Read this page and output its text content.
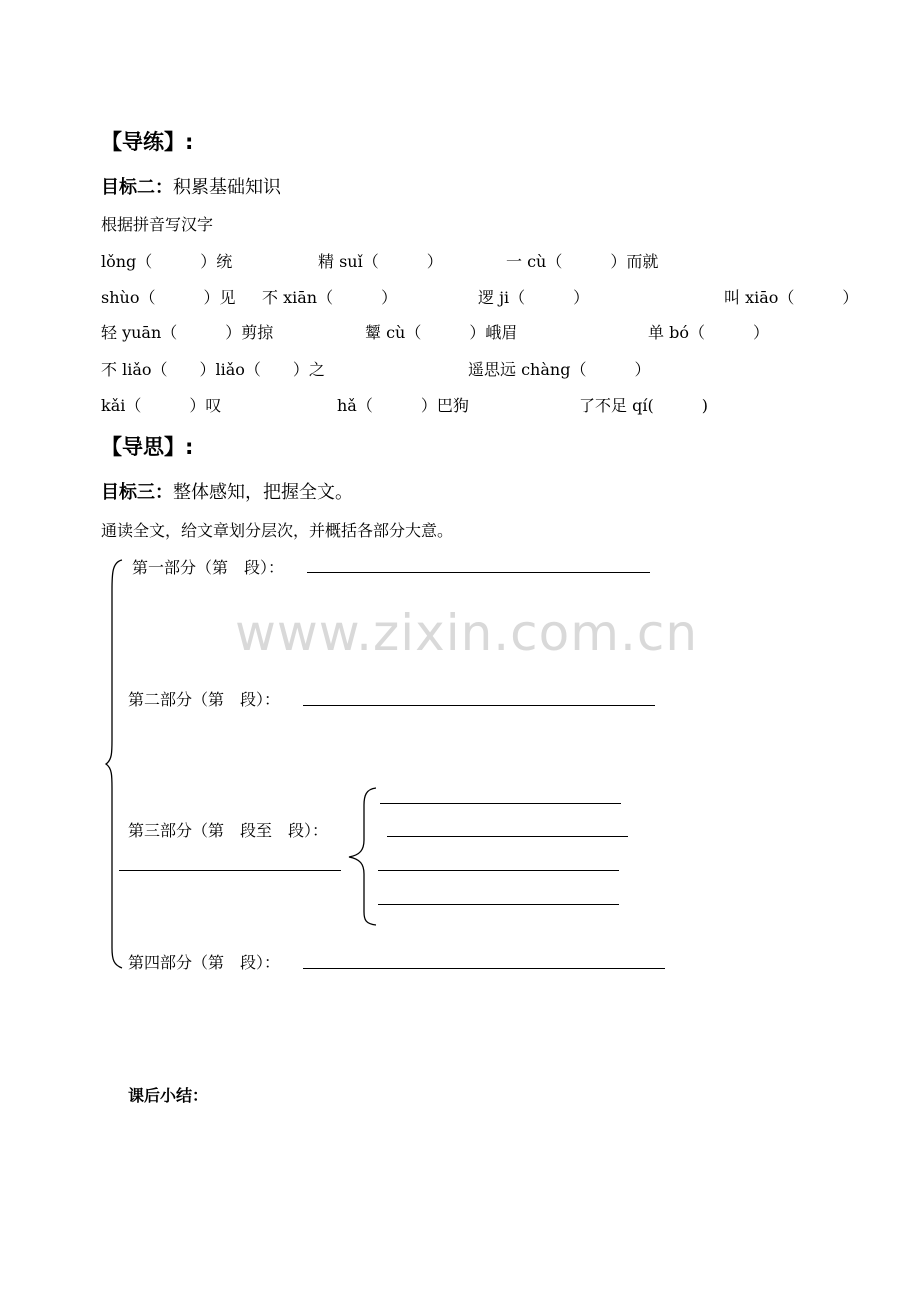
【导练】:
目标二：积累基础知识
根据拼音写汉字
lǒng（　　　）统	精 suǐ（　　　）	一 cù（　　　）而就
shùo（　　　）见 不 xiān（　　　）	逻 ji（　　　）	叫 xiāo（　　　）
轻 yuān（　　　）剪掠	颦 cù（　　　）峨眉	单 bó（　　　）
不 liǎo（　　）liǎo（　　）之	遥思远 chàng（　　　）
kǎi（　　　）叹	hǎ（　　　）巴狗	了不足 qí(　　　)
【导思】:
目标三：整体感知，把握全文。
通读全文，给文章划分层次，并概括各部分大意。
www.zixin.com.cn
第一部分（第　段）：
第二部分（第　段）：
第三部分（第　段至　段）：
第四部分（第　段）：
课后小结：
